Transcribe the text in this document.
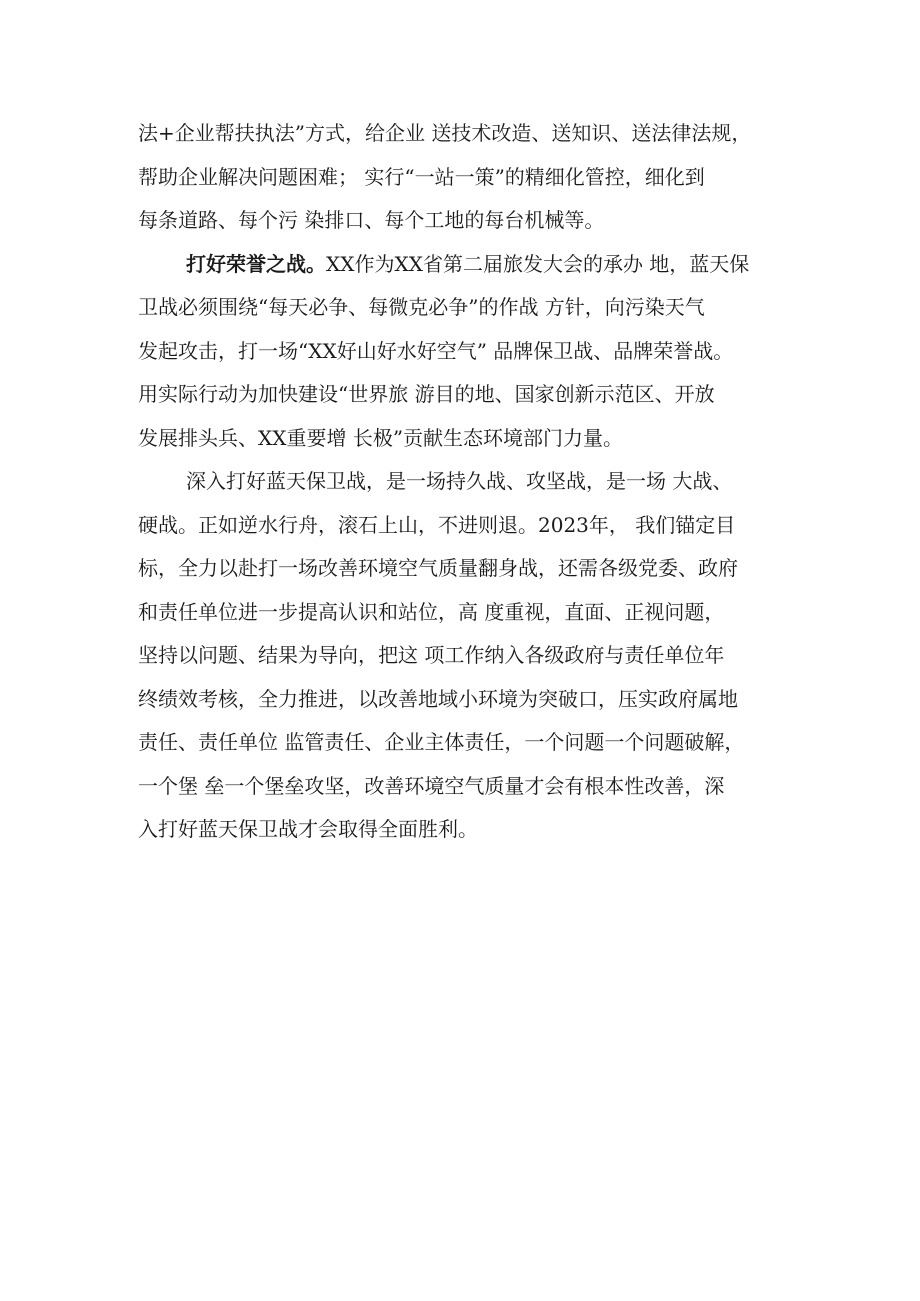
法+企业帮扶执法”方式，给企业 送技术改造、送知识、送法律法规，
帮助企业解决问题困难； 实行“一站一策”的精细化管控，细化到
每条道路、每个污 染排口、每个工地的每台机械等。
打好荣誉之战。XX作为XX省第二届旅发大会的承办 地，蓝天保
卫战必须围绕“每天必争、每微克必争”的作战 方针，向污染天气
发起攻击，打一场“XX好山好水好空气” 品牌保卫战、品牌荣誉战。
用实际行动为加快建设“世界旅 游目的地、国家创新示范区、开放
发展排头兵、XX重要增 长极”贡献生态环境部门力量。
深入打好蓝天保卫战，是一场持久战、攻坚战，是一场 大战、
硬战。正如逆水行舟，滚石上山，不进则退。2023年， 我们锚定目
标，全力以赴打一场改善环境空气质量翻身战，还需各级党委、政府
和责任单位进一步提高认识和站位，高 度重视，直面、正视问题，
坚持以问题、结果为导向，把这 项工作纳入各级政府与责任单位年
终绩效考核，全力推进，以改善地域小环境为突破口，压实政府属地
责任、责任单位 监管责任、企业主体责任，一个问题一个问题破解，
一个堡 垒一个堡垒攻坚，改善环境空气质量才会有根本性改善，深
入打好蓝天保卫战才会取得全面胜利。
